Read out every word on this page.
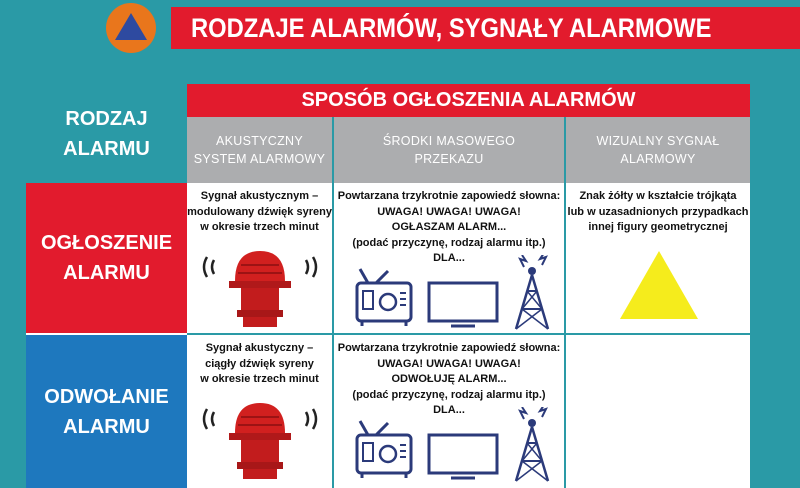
RODZAJE ALARMÓW, SYGNAŁY ALARMOWE
RODZAJ
ALARMU
SPOSÓB OGŁOSZENIA ALARMÓW
AKUSTYCZNY
SYSTEM ALARMOWY
ŚRODKI MASOWEGO
PRZEKAZU
WIZUALNY SYGNAŁ
ALARMOWY
OGŁOSZENIE
ALARMU
Sygnał akustycznym –
modulowany dźwięk syreny
w okresie trzech minut
Powtarzana trzykrotnie zapowiedź słowna:
UWAGA! UWAGA! UWAGA!
OGŁASZAM ALARM...
(podać przyczynę, rodzaj alarmu itp.)
DLA...
Znak żółty w kształcie trójkąta
lub w uzasadnionych przypadkach
innej figury geometrycznej
ODWOŁANIE
ALARMU
Sygnał akustyczny –
ciągły dźwięk syreny
w okresie trzech minut
Powtarzana trzykrotnie zapowiedź słowna:
UWAGA! UWAGA! UWAGA!
ODWOŁUJĘ ALARM...
(podać przyczynę, rodzaj alarmu itp.)
DLA...
